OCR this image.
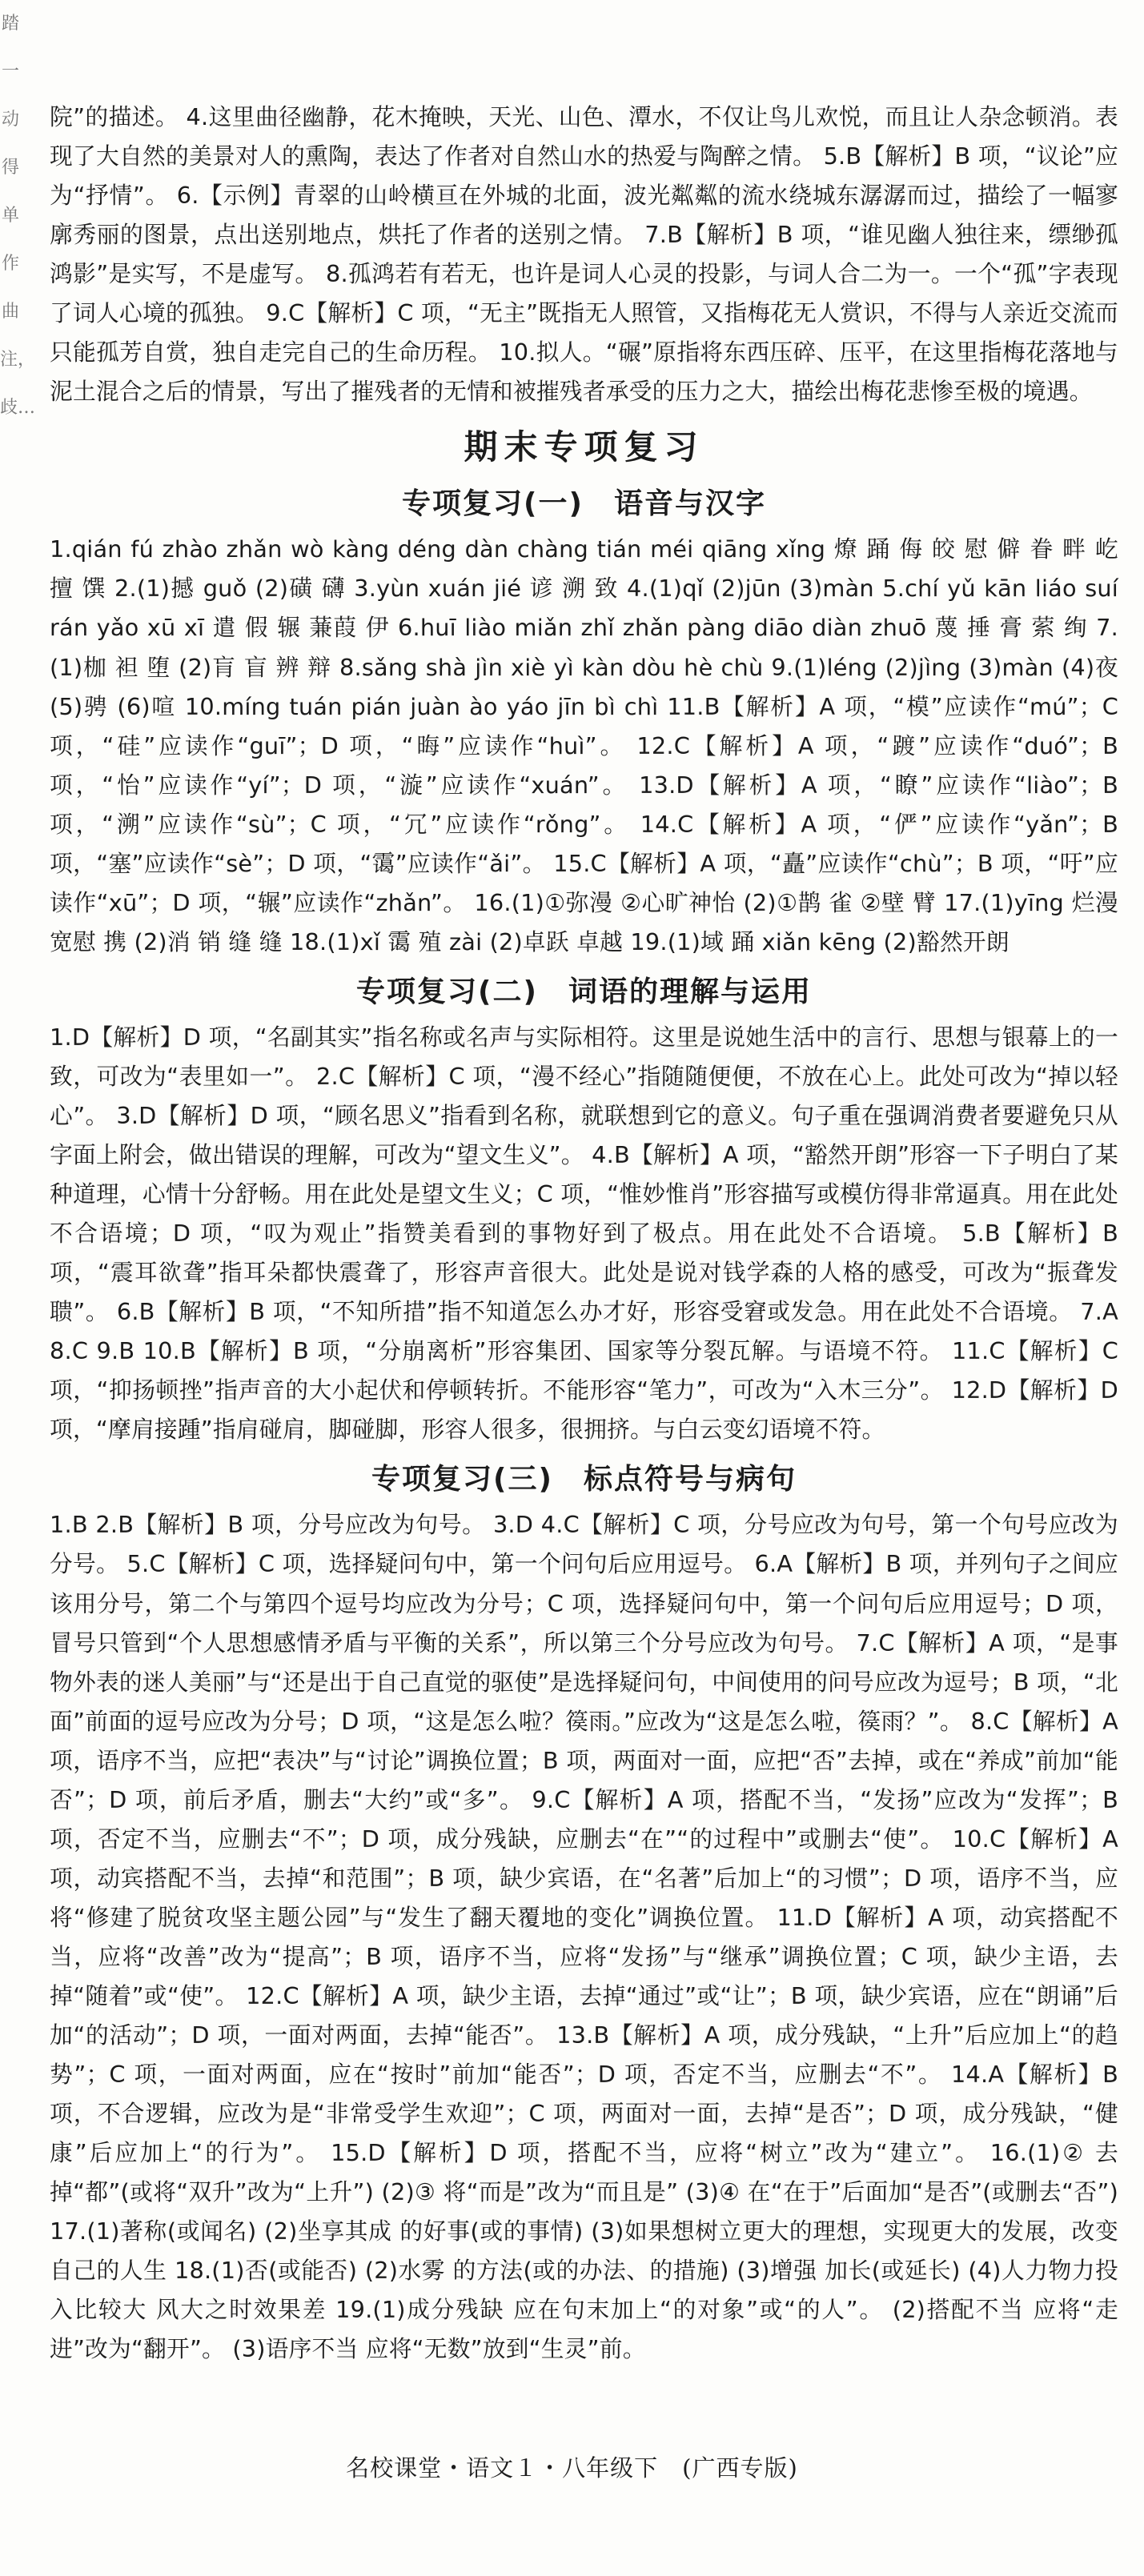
踏一动得单作曲注，歧…

院”的描述。 4.这里曲径幽静，花木掩映，天光、山色、潭水，不仅让鸟儿欢悦，而且让人杂念顿消。表现了大自然的美景对人的熏陶，表达了作者对自然山水的热爱与陶醉之情。 5.B【解析】B 项，“议论”应为“抒情”。 6.【示例】青翠的山岭横亘在外城的北面，波光粼粼的流水绕城东潺潺而过，描绘了一幅寥廓秀丽的图景，点出送别地点，烘托了作者的送别之情。 7.B【解析】B 项，“谁见幽人独往来，缥缈孤鸿影”是实写，不是虚写。 8.孤鸿若有若无，也许是词人心灵的投影，与词人合二为一。一个“孤”字表现了词人心境的孤独。 9.C【解析】C 项，“无主”既指无人照管，又指梅花无人赏识，不得与人亲近交流而只能孤芳自赏，独自走完自己的生命历程。 10.拟人。“碾”原指将东西压碎、压平，在这里指梅花落地与泥土混合之后的情景，写出了摧残者的无情和被摧残者承受的压力之大，描绘出梅花悲惨至极的境遇。

期末专项复习
专项复习(一)　语音与汉字

1.qián fú zhào zhǎn wò kàng déng dàn chàng tián méi qiāng xǐng 燎 踊 侮 皎 慰 僻 眷 畔 屹 擅 馔 2.(1)撼 guǒ (2)磺 礴 3.yùn xuán jié 谚 溯 致 4.(1)qǐ (2)jūn (3)màn 5.chí yǔ kān liáo suí rán yǎo xū xī 遣 假 辗 蒹葭 伊 6.huī liào miǎn zhǐ zhǎn pàng diāo diàn zhuō 蔑 捶 膏 萦 绚 7.(1)枷 袒 堕 (2)肓 盲 辨 辩 8.sǎng shà jìn xiè yì kàn dòu hè chù 9.(1)léng (2)jìng (3)màn (4)夜 (5)骋 (6)喧 10.míng tuán pián juàn ào yáo jīn bì chì 11.B【解析】A 项，“模”应读作“mú”；C 项，“硅”应读作“guī”；D 项，“晦”应读作“huì”。 12.C【解析】A 项，“踱”应读作“duó”；B 项，“怡”应读作“yí”；D 项，“漩”应读作“xuán”。 13.D【解析】A 项，“瞭”应读作“liào”；B 项，“溯”应读作“sù”；C 项，“冗”应读作“rǒng”。 14.C【解析】A 项，“俨”应读作“yǎn”；B 项，“塞”应读作“sè”；D 项，“霭”应读作“ǎi”。 15.C【解析】A 项，“矗”应读作“chù”；B 项，“吁”应读作“xū”；D 项，“辗”应读作“zhǎn”。 16.(1)①弥漫 ②心旷神怡 (2)①鹊 雀 ②壁 臂 17.(1)yīng 烂漫 宽慰 携 (2)消 销 缝 缝 18.(1)xǐ 霭 殖 zài (2)卓跃 卓越 19.(1)域 踊 xiǎn kēng (2)豁然开朗

专项复习(二)　词语的理解与运用

1.D【解析】D 项，“名副其实”指名称或名声与实际相符。这里是说她生活中的言行、思想与银幕上的一致，可改为“表里如一”。 2.C【解析】C 项，“漫不经心”指随随便便，不放在心上。此处可改为“掉以轻心”。 3.D【解析】D 项，“顾名思义”指看到名称，就联想到它的意义。句子重在强调消费者要避免只从字面上附会，做出错误的理解，可改为“望文生义”。 4.B【解析】A 项，“豁然开朗”形容一下子明白了某种道理，心情十分舒畅。用在此处是望文生义；C 项，“惟妙惟肖”形容描写或模仿得非常逼真。用在此处不合语境；D 项，“叹为观止”指赞美看到的事物好到了极点。用在此处不合语境。 5.B【解析】B 项，“震耳欲聋”指耳朵都快震聋了，形容声音很大。此处是说对钱学森的人格的感受，可改为“振聋发聩”。 6.B【解析】B 项，“不知所措”指不知道怎么办才好，形容受窘或发急。用在此处不合语境。 7.A 8.C 9.B 10.B【解析】B 项，“分崩离析”形容集团、国家等分裂瓦解。与语境不符。 11.C【解析】C 项，“抑扬顿挫”指声音的大小起伏和停顿转折。不能形容“笔力”，可改为“入木三分”。 12.D【解析】D 项，“摩肩接踵”指肩碰肩，脚碰脚，形容人很多，很拥挤。与白云变幻语境不符。

专项复习(三)　标点符号与病句

1.B 2.B【解析】B 项，分号应改为句号。 3.D 4.C【解析】C 项，分号应改为句号，第一个句号应改为分号。 5.C【解析】C 项，选择疑问句中，第一个问句后应用逗号。 6.A【解析】B 项，并列句子之间应该用分号，第二个与第四个逗号均应改为分号；C 项，选择疑问句中，第一个问句后应用逗号；D 项，冒号只管到“个人思想感情矛盾与平衡的关系”，所以第三个分号应改为句号。 7.C【解析】A 项，“是事物外表的迷人美丽”与“还是出于自己直觉的驱使”是选择疑问句，中间使用的问号应改为逗号；B 项，“北面”前面的逗号应改为分号；D 项，“这是怎么啦？篌雨。”应改为“这是怎么啦，篌雨？”。 8.C【解析】A 项，语序不当，应把“表决”与“讨论”调换位置；B 项，两面对一面，应把“否”去掉，或在“养成”前加“能否”；D 项，前后矛盾，删去“大约”或“多”。 9.C【解析】A 项，搭配不当，“发扬”应改为“发挥”；B 项，否定不当，应删去“不”；D 项，成分残缺，应删去“在”“的过程中”或删去“使”。 10.C【解析】A 项，动宾搭配不当，去掉“和范围”；B 项，缺少宾语，在“名著”后加上“的习惯”；D 项，语序不当，应将“修建了脱贫攻坚主题公园”与“发生了翻天覆地的变化”调换位置。 11.D【解析】A 项，动宾搭配不当，应将“改善”改为“提高”；B 项，语序不当，应将“发扬”与“继承”调换位置；C 项，缺少主语，去掉“随着”或“使”。 12.C【解析】A 项，缺少主语，去掉“通过”或“让”；B 项，缺少宾语，应在“朗诵”后加“的活动”；D 项，一面对两面，去掉“能否”。 13.B【解析】A 项，成分残缺，“上升”后应加上“的趋势”；C 项，一面对两面，应在“按时”前加“能否”；D 项，否定不当，应删去“不”。 14.A【解析】B 项，不合逻辑，应改为是“非常受学生欢迎”；C 项，两面对一面，去掉“是否”；D 项，成分残缺，“健康”后应加上“的行为”。 15.D【解析】D 项，搭配不当，应将“树立”改为“建立”。 16.(1)② 去掉“都”(或将“双升”改为“上升”) (2)③ 将“而是”改为“而且是” (3)④ 在“在于”后面加“是否”(或删去“否”) 17.(1)著称(或闻名) (2)坐享其成 的好事(或的事情) (3)如果想树立更大的理想，实现更大的发展，改变自己的人生 18.(1)否(或能否) (2)水雾 的方法(或的办法、的措施) (3)增强 加长(或延长) (4)人力物力投入比较大 风大之时效果差 19.(1)成分残缺 应在句末加上“的对象”或“的人”。 (2)搭配不当 应将“走进”改为“翻开”。 (3)语序不当 应将“无数”放到“生灵”前。

名校课堂・语文１・八年级下　(广西专版)
